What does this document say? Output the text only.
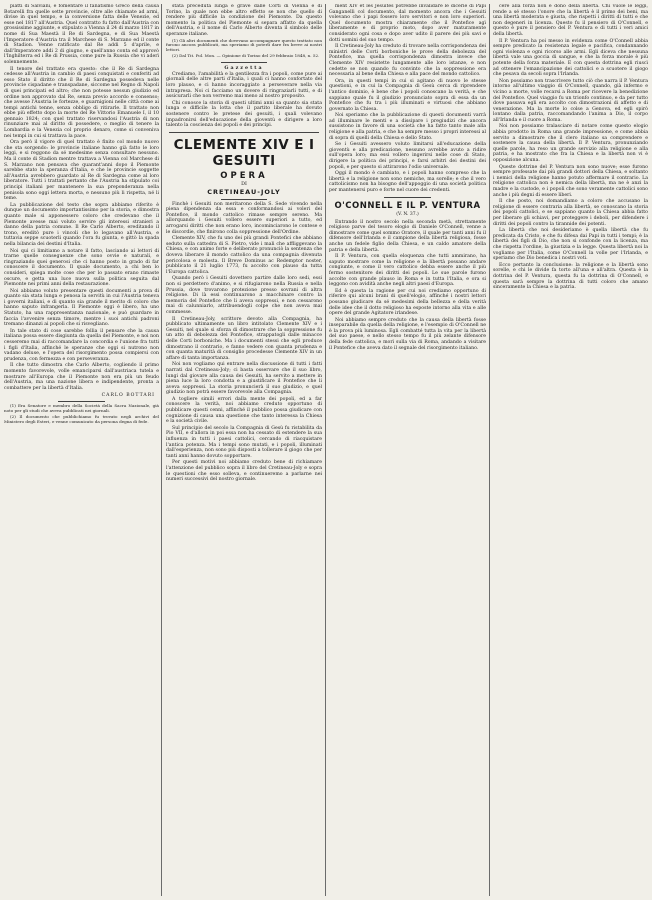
piatti di Salviani, e fomentare il fanatismo Greco della causa Botarelli fra quelle sette provincie, oltre alle chiamate ad armi, divise in quel tempo, e la conversione fatta delle Venezie, ed esse nel 1817 all'Austria. Quel contratto fu fatto dall'Austria con grossissime aggiunte, e stipulato a Vienna il 24 di marzo 1817 in nome di Sua Maestà il Re di Sardegna, e di Sua Maestà l'Imperatore d'Austria tra il Marchese di S. Marzano ed il conte di Stadion. Venne ratificato dal Re addi 5 d'aprile, e dall'Imperatore addi 2 di giugno, e quell'anno conta ed approvò l'Inghilterra ed i Re di Prussia, come pure la Russia che vi aderì solennemente.

Il tenore del trattato era questo: che il Re di Sardegna cedesse all'Austria in cambio di paesi conquistati e conferiti ad esso Stato il diritto che il Re di Sardegna possedeva nelle provincie cispadane e transpadane, siccome nel Regno di Napoli di quei principati ed altro; che non potesse nessun giudizio ed ordine non approvato dal Re, senza previo accordo e consenso; che avesse l'Austria le fortezze, e guarnigioni nelle città come ai tempi antichi tenne, senza obbligo di ritirarle. Il trattato non ebbe più effetto dopo la morte del Re Vittorio Emanuele I, il 10 gennaio 1824; con quel trattato riservandosi l'Austria di non rinunziare mai al diritto di possedere, o meglio di tenere la Lombardia e la Venezia col proprio denaro, come si conveniva nei tempi in cui si trattava la pace.

Ora però il vigore di quel trattato è finito col mondo nuovo che sta sorgendo: le provincie italiane hanno già fatto le loro leggi, e si reggono da sé medesime senza consultare nessuno. Ma il conte di Stadion mentre trattava a Vienna col Marchese di S. Marzano non pensava che quarant'anni dopo il Piemonte sarebbe stato la speranza d'Italia, e che le provincie soggette all'Austria avrebbero guardato al Re di Sardegna come al loro liberatore. Tutti i trattati pertanto che l'Austria ha stipulato coi principi italiani per mantenere la sua preponderanza nella penisola sono oggi lettera morta, e nessuno più li rispetta, né li teme.

La pubblicazione del testo che sopra abbiamo riferito è dunque un documento importantissimo per la storia, e dimostra quanto male si apponessero coloro che credevano che il Piemonte avesse mai voluto servire gli interessi stranieri a danno della patria comune. Il Re Carlo Alberto, ereditando il trono, ereditò pure i vincoli che lo legavano all'Austria, e tuttavia seppe scuoterli quando l'ora fu giunta, e gittò la spada nella bilancia dei destini d'Italia.

Noi qui ci limitiamo a notare il fatto, lasciando ai lettori di trarne quelle conseguenze che sono ovvie e naturali, e ringraziando quei generosi che ci hanno posto in grado di far conoscere il documento. Il quale documento, a chi ben lo consideri, spiega molte cose che per lo passato erano rimaste oscure, e getta una luce nuova sulla politica seguita dal Piemonte nei primi anni della restaurazione.

Noi abbiamo voluto presentare questi documenti a prova di quanto sia stata lunga e penosa la servitù in cui l'Austria teneva i governi italiani, e di quanto sia grande il merito di coloro che hanno saputo infrangerla. Il Piemonte oggi è libero, ha uno Statuto, ha una rappresentanza nazionale, e può guardare in faccia l'avvenire senza timore, mentre i suoi antichi padroni tremano dinanzi ai popoli che si risvegliano.

In tale stato di cose sarebbe follia il pensare che la causa italiana possa essere disgiunta da quella del Piemonte, e noi non cesseremo mai di raccomandare la concordia e l'unione fra tutti i figli d'Italia, affinché le speranze che oggi si nutrono non vadano deluse, e l'opera del risorgimento possa compiersi con prudenza, con fermezza e con perseveranza.

Il che tutto dimostra che Carlo Alberto, cogliendo il primo momento favorevole, volle emanciparsi dall'austriaca tutela e mostrare all'Europa che il Piemonte non era più un feudo dell'Austria, ma una nazione libera e indipendente, pronta a combattere per la libertà d'Italia.

CARLO BOTTARI

(1) Era Senatore e membro della Società della Sacra Nazionale, già noto per gli studi che aveva pubblicati nei giornali.

(2) Il documento che pubblichiamo fu trovato negli archivi del Ministero degli Esteri, e venne comunicato da persona degna di fede.

stata preceduta lunga e grave dalle Corti di Vienna e di Torino, la quale non ebbe altro effetto se non che quello di rendere più difficile la condizione del Piemonte. Da questo momento la politica del Piemonte si separa affatto da quella dell'Austria, e il nome di Carlo Alberto diventa il simbolo delle speranze italiane.

(1) Gli altri documenti che dovevano accompagnare questo trattato non furono ancora pubblicati, ma speriamo di poterli dare fra breve ai nostri lettori.

(2) Dal Tit. Pol. Mon. — Opinione di Torino del 29 febbraio 1848, n. 52.

Gazzetta

Crediamo, l'amabilità e la gentilezza fra i popoli, come pure ai giornali delle altre parti d'Italia, i quali ci hanno confortato del loro plauso, e ci hanno incoraggiato a perseverare nella via intrapresa. Noi ci facciamo un dovere di ringraziarli tutti, e di assicurarli che non verremo mai meno al nostro proposito.

Chi conosce la storia di questi ultimi anni sa quanto sia stata lunga e difficile la lotta che il partito liberale ha dovuto sostenere contro le pretese dei gesuiti, i quali volevano impadronirsi dell'educazione della gioventù e dirigere a loro talento la coscienza dei popoli e dei principi.

CLEMENTE XIV E I GESUITI
OPERA
DI
CRETINEAU-JOLY

Finchè i Gesuiti non meritarono della S. Sede vivendo nella piena dipendenza da essa e conformandosi ai voleri del Pontefice, il mondo cattolico rimase sempre sereno. Ma allorquando i Gesuiti vollero essere superiori a tutto, ed arrogarsi diritti che non erano loro, incominciarono le contese e le discordie, che finirono colla soppressione dell'Ordine.

Clemente XIV, che fu uno dei più grandi Pontefici che abbiano seduto sulla cattedra di S. Pietro, vide i mali che affliggevano la Chiesa, e con animo forte e deliberato pronunciò la sentenza che doveva liberare il mondo cattolico da una compagnia divenuta pericolosa e molesta. Il Breve Dominus ac Redemptor noster, pubblicato il 21 luglio 1773, fu accolto con plauso da tutta l'Europa cattolica.

Quando però i Gesuiti dovettero partire dalle loro sedi, essi non si perdettero d'animo, e si rifugiarono nella Russia e nella Prussia, dove trovarono protezione presso sovrani di altra religione. Di là essi continuarono a macchinare contro la memoria del Pontefice che li aveva soppressi, e non cessarono mai di calunniarlo, attribuendogli colpe che non aveva mai commesse.

Il Cretineau-Joly, scrittore devoto alla Compagnia, ha pubblicato ultimamente un libro intitolato Clemente XIV e i Gesuiti, nel quale si sforza di dimostrare che la soppressione fu un atto di debolezza del Pontefice, strappatogli dalle minacce delle Corti borboniche. Ma i documenti stessi che egli produce dimostrano il contrario, e fanno vedere con quanta prudenza e con quanta maturità di consiglio procedesse Clemente XIV in un affare di tanta importanza.

Noi non vogliamo qui entrare nella discussione di tutti i fatti narrati dal Cretineau-Joly; ci basta osservare che il suo libro, lungi dal giovare alla causa dei Gesuiti, ha servito a mettere in piena luce la loro condotta e a giustificare il Pontefice che li aveva soppressi. La storia pronuncierà il suo giudizio, e quel giudizio non potrà essere favorevole alla Compagnia.

A togliere simili errori dalla mente dei popoli, ed a far conoscere la verità, noi abbiamo creduto opportuno di pubblicare questi cenni, affinché il pubblico possa giudicare con cognizione di causa una questione che tanto interessa la Chiesa e la società civile.

Sul principio del secolo la Compagnia di Gesù fu ristabilita da Pio VII, e d'allora in poi essa non ha cessato di estendere la sua influenza in tutti i paesi cattolici, cercando di riacquistare l'antica potenza. Ma i tempi sono mutati, e i popoli, illuminati dall'esperienza, non sono più disposti a tollerare il giogo che per tanti anni hanno dovuto sopportare.

Per questi motivi noi abbiamo creduto bene di richiamare l'attenzione del pubblico sopra il libro del Cretineau-Joly e sopra le questioni che esso solleva, e continueremo a parlarne nei numeri successivi del nostro giornale.

ment XIV et les Jésuites potrebbe invalidare le dicerie di Papi Ganganelli col documento, dal momento ancora che i Gesuiti volevano che i papi fossero loro servitori e non loro superiori. Quel documento mostra chiaramente che il Pontefice agì liberamente e di proprio moto, dopo aver maturamente considerato ogni cosa e dopo aver udito il parere dei più savi e dotti uomini del suo tempo.

Il Cretineau-Joly ha creduto di trovare nella corrispondenza dei ministri delle Corti borboniche le prove della debolezza del Pontefice, ma quella corrispondenza dimostra invece che Clemente XIV resistette lungamente alle loro istanze, e non cedette se non quando fu convinto che la soppressione era necessaria al bene della Chiesa e alla pace del mondo cattolico.

Ora, in questi tempi in cui si agitano di nuovo le stesse questioni, e in cui la Compagnia di Gesù cerca di riprendere l'antico dominio, è bene che i popoli conoscano la verità, e che sappiano quale fu il giudizio pronunciato sopra di essa da un Pontefice che fu tra i più illuminati e virtuosi che abbiano governato la Chiesa.

Noi speriamo che la pubblicazione di questi documenti varrà ad illuminare le menti e a dissipare i pregiudizi che ancora sussistono in favore di una società che ha fatto tanto male alla religione e alla patria, e che ha sempre messo i propri interessi al di sopra di quelli della Chiesa e dello Stato.

Se i Gesuiti avessero voluto limitarsi all'educazione della gioventù e alla predicazione, nessuno avrebbe avuto a ridire sull'opera loro; ma essi vollero ingerirsi nelle cose di Stato, dirigere la politica dei principi, e farsi arbitri dei destini dei popoli, e per questo si attirarono l'odio universale.

Oggi il mondo è cambiato, e i popoli hanno compreso che la libertà e la religione non sono nemiche, ma sorelle; e che il vero cattolicismo non ha bisogno dell'appoggio di una società politica per mantenersi puro e forte nel cuore dei credenti.

O'CONNELL E IL P. VENTURA
(V. N. 37.)

Entrando il nostro secolo nella seconda metà, strettamente religioso parve del tesoro elogio di Daniele O'Connell, venne a dimostrare come quel sommo Oratore, il quale per tanti anni fu il difensore dell'Irlanda e il campione della libertà religiosa, fosse anche un fedele figlio della Chiesa, e un caldo amatore della patria e della libertà.

Il P. Ventura, con quella eloquenza che tutti ammirano, ha saputo mostrare come la religione e la libertà possano andare congiunte, e come il vero cattolico debba essere anche il più fermo sostenitore dei diritti dei popoli. Le sue parole furono accolte con grande plauso in Roma e in tutta l'Italia, e ora si leggono con avidità anche negli altri paesi d'Europa.

Ed è questa la ragione per cui noi crediamo opportuno di riferire qui alcuni brani di quell'elogio, affinché i nostri lettori possano giudicare da sé medesimi della bellezza e della verità delle idee che il dotto religioso ha esposte intorno alla vita e alle opere del grande Agitatore irlandese.

Noi abbiamo sempre creduto che la causa della libertà fosse inseparabile da quella della religione, e l'esempio di O'Connell ne è la prova più luminosa. Egli combatté tutta la vita per la libertà del suo paese, e nello stesso tempo fu il più zelante difensore della fede cattolica, e morì sulla via di Roma, andando a visitare il Pontefice che aveva dato il segnale del risorgimento italiano.

cere alla forza non è dono della libertà. Chi vuole le leggi, rende a sé stesso l'onore che la libertà è il primo dei beni, ma una libertà moderata e giusta, che rispetti i diritti di tutti e che non degeneri in licenza. Questo fu il pensiero di O'Connell, e questo è pure il pensiero del P. Ventura e di tutti i veri amici della libertà.

Il P. Ventura ha poi messo in evidenza come O'Connell abbia sempre predicato la resistenza legale e pacifica, condannando ogni violenza e ogni ricorso alle armi. Egli diceva che nessuna libertà vale una goccia di sangue, e che la forza morale è più potente della forza materiale. E con questa dottrina egli riuscì ad ottenere l'emancipazione dei cattolici e a scuotere il giogo che pesava da secoli sopra l'Irlanda.

Non possiamo non trascrivere tutto ciò che narra il P. Ventura intorno all'ultimo viaggio di O'Connell, quando, già infermo e vicino a morte, volle recarsi a Roma per ricevere la benedizione del Pontefice. Quel viaggio fu un trionfo continuo, e da per tutto dove passava egli era accolto con dimostrazioni di affetto e di venerazione. Ma la morte lo colse a Genova, ed egli spirò lontano dalla patria, raccomandando l'anima a Dio, il corpo all'Irlanda e il cuore a Roma.

Noi non possiamo tralasciare di notare come questo elogio abbia prodotto in Roma una grande impressione, e come abbia servito a dimostrare che il clero italiano sa comprendere e sostenere la causa della libertà. Il P. Ventura, pronunziando quelle parole, ha reso un grande servizio alla religione e alla patria, e ha mostrato che fra la Chiesa e la libertà non vi è opposizione alcuna.

Queste dottrine del P. Ventura non sono nuove; esse furono sempre professate dai più grandi dottori della Chiesa, e soltanto i nemici della religione hanno potuto affermare il contrario. La religione cattolica non è nemica della libertà, ma ne è anzi la madre e la custode, e i popoli che sono veramente cattolici sono anche i più degni di essere liberi.

Il che posto, noi domandiamo a coloro che accusano la religione di essere contraria alla libertà, se conoscano la storia dei popoli cattolici, e se sappiano quanto la Chiesa abbia fatto per liberare gli schiavi, per proteggere i deboli, per difendere i diritti dei popoli contro la tirannide dei potenti.

La libertà che noi desideriamo è quella libertà che fu predicata da Cristo, e che fu difesa dai Papi in tutti i tempi; è la libertà dei figli di Dio, che non si confonde con la licenza, ma che rispetta l'ordine, la giustizia e la legge. Questa libertà noi la vogliamo per l'Italia, come O'Connell la volle per l'Irlanda, e speriamo che Dio benedica i nostri voti.

Ecco pertanto la conclusione: la religione e la libertà sono sorelle, e chi le divide fa torto all'una e all'altra. Questa è la dottrina del P. Ventura, questa fu la dottrina di O'Connell, e questa sarà sempre la dottrina di tutti coloro che amano sinceramente la Chiesa e la patria.
